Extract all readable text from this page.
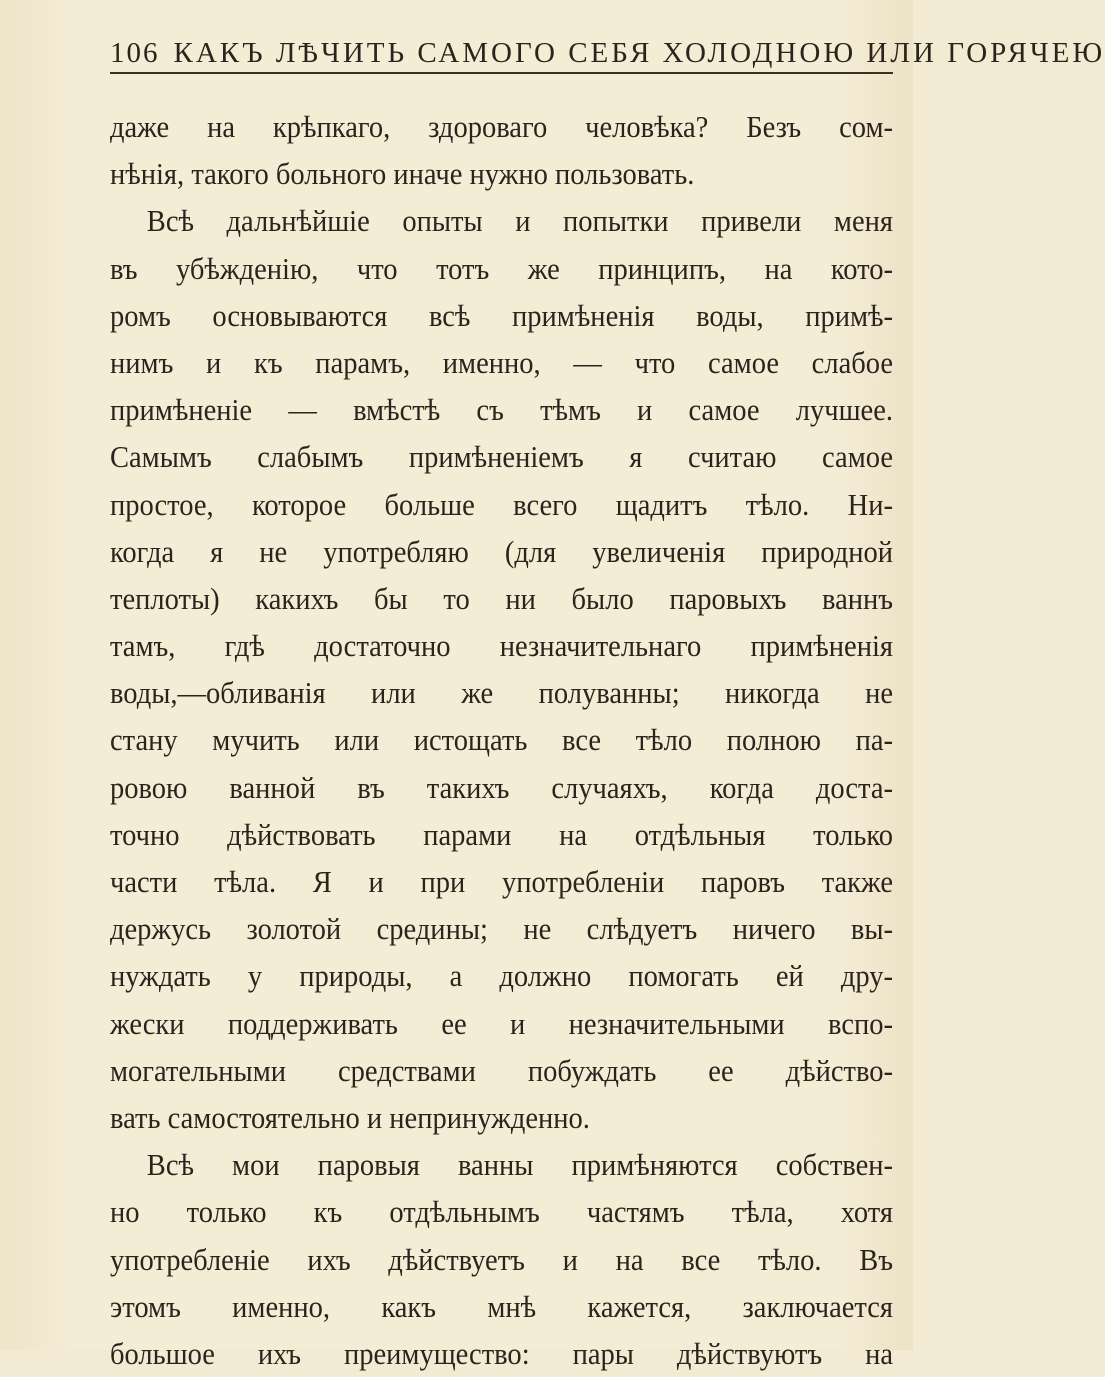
106 КАКЪ ЛѢЧИТЬ САМОГО СЕБЯ ХОЛОДНОЮ ИЛИ ГОРЯЧЕЮ
даже на крѣпкаго, здороваго человѣка? Безъ сом-
нѣнія, такого больного иначе нужно пользовать.
Всѣ дальнѣйшіе опыты и попытки привели меня
въ убѣжденію, что тотъ же принципъ, на кото-
ромъ основываются всѣ примѣненія воды, примѣ-
нимъ и къ парамъ, именно, — что самое слабое
примѣненіе — вмѣстѣ съ тѣмъ и самое лучшее.
Самымъ слабымъ примѣненіемъ я считаю самое
простое, которое больше всего щадитъ тѣло. Ни-
когда я не употребляю (для увеличенія природной
теплоты) какихъ бы то ни было паровыхъ ваннъ
тамъ, гдѣ достаточно незначительнаго примѣненія
воды,—обливанія или же полуванны; никогда не
стану мучить или истощать все тѣло полною па-
ровою ванной въ такихъ случаяхъ, когда доста-
точно дѣйствовать парами на отдѣльныя только
части тѣла. Я и при употребленіи паровъ также
держусь золотой средины; не слѣдуетъ ничего вы-
нуждать у природы, а должно помогать ей дру-
жески поддерживать ее и незначительными вспо-
могательными средствами побуждать ее дѣйство-
вать самостоятельно и непринужденно.
Всѣ мои паровыя ванны примѣняются собствен-
но только къ отдѣльнымъ частямъ тѣла, хотя
употребленіе ихъ дѣйствуетъ и на все тѣло. Въ
этомъ именно, какъ мнѣ кажется, заключается
большое ихъ преимущество: пары дѣйствуютъ на
